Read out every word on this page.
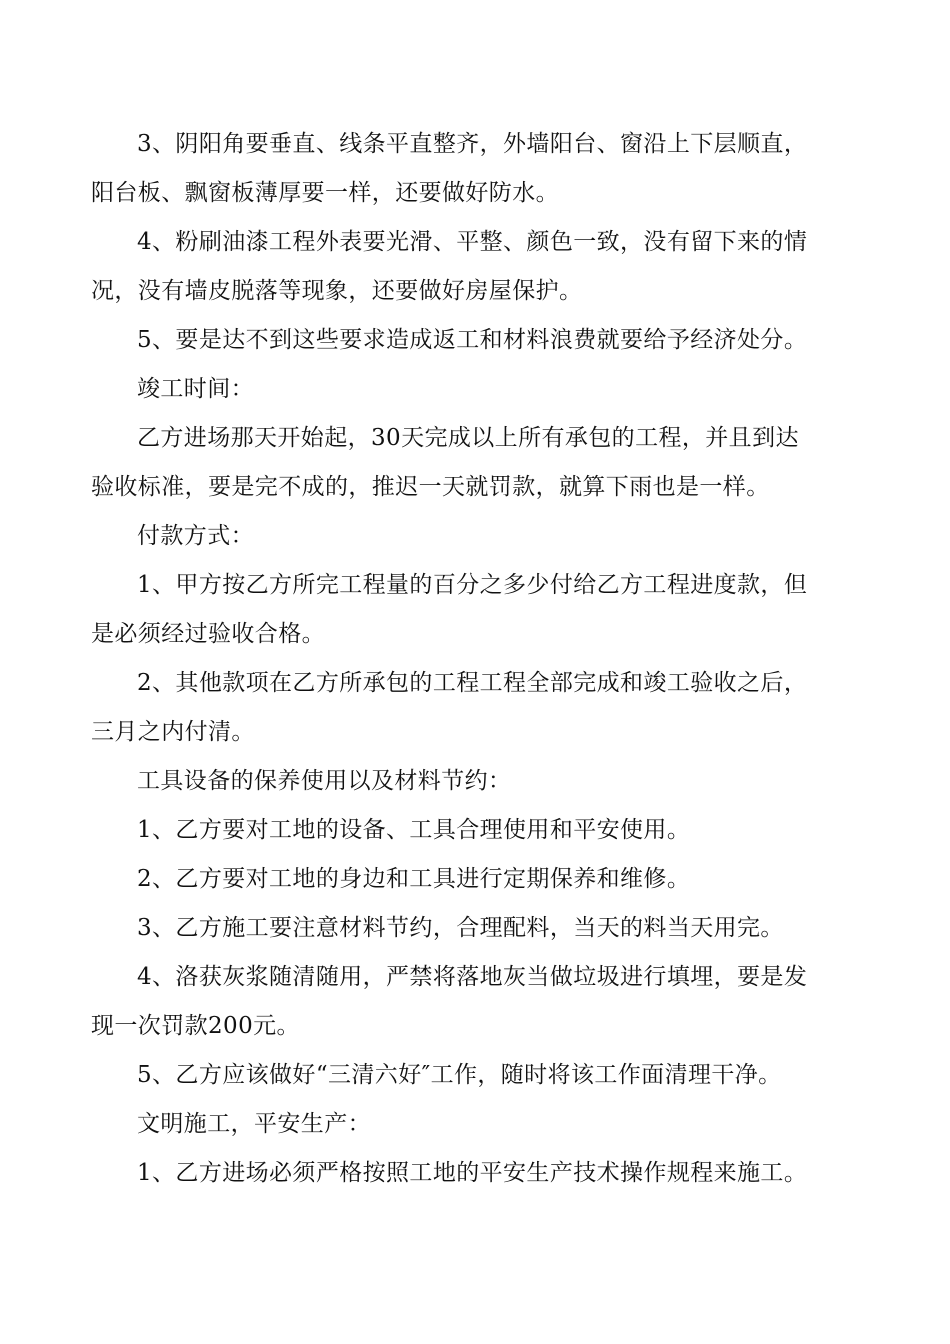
3、阴阳角要垂直、线条平直整齐，外墙阳台、窗沿上下层顺直，
阳台板、飘窗板薄厚要一样，还要做好防水。

4、粉刷油漆工程外表要光滑、平整、颜色一致，没有留下来的情
况，没有墙皮脱落等现象，还要做好房屋保护。

5、要是达不到这些要求造成返工和材料浪费就要给予经济处分。

竣工时间：

乙方进场那天开始起，30天完成以上所有承包的工程，并且到达
验收标准，要是完不成的，推迟一天就罚款，就算下雨也是一样。

付款方式：

1、甲方按乙方所完工程量的百分之多少付给乙方工程进度款，但
是必须经过验收合格。

2、其他款项在乙方所承包的工程工程全部完成和竣工验收之后，
三月之内付清。

工具设备的保养使用以及材料节约：

1、乙方要对工地的设备、工具合理使用和平安使用。

2、乙方要对工地的身边和工具进行定期保养和维修。

3、乙方施工要注意材料节约，合理配料，当天的料当天用完。

4、洛获灰浆随清随用，严禁将落地灰当做垃圾进行填埋，要是发
现一次罚款200元。

5、乙方应该做好“三清六好″工作，随时将该工作面清理干净。

文明施工，平安生产：

1、乙方进场必须严格按照工地的平安生产技术操作规程来施工。
